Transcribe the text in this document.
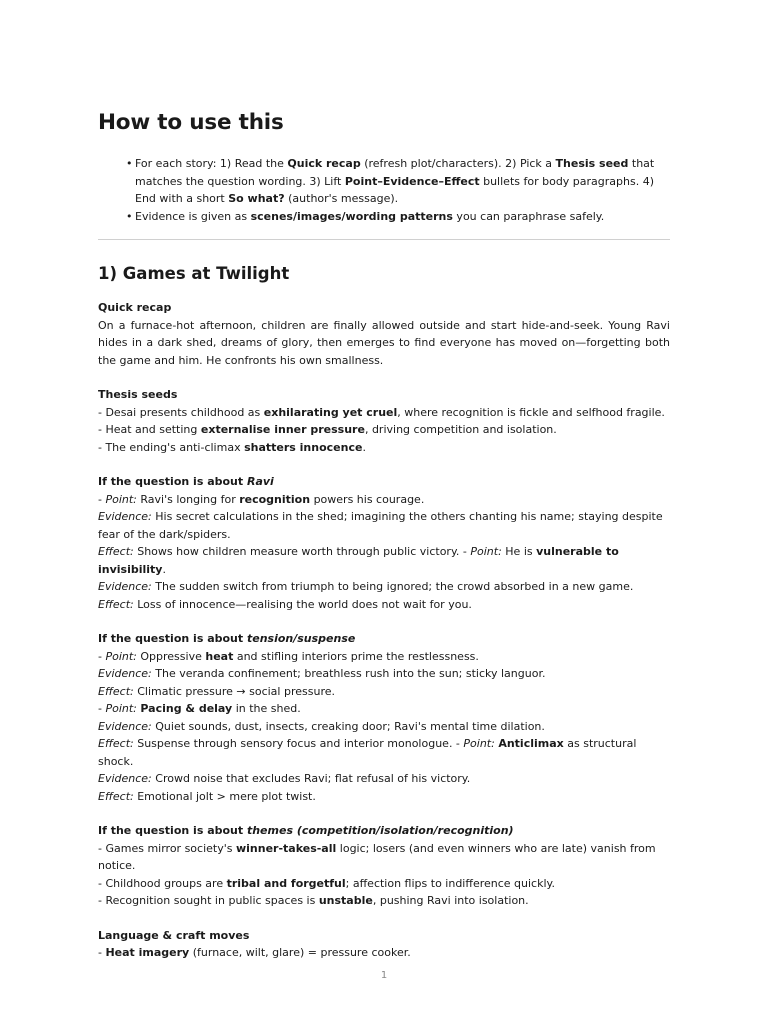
How to use this
• For each story: 1) Read the Quick recap (refresh plot/characters). 2) Pick a Thesis seed that matches the question wording. 3) Lift Point–Evidence–Effect bullets for body paragraphs. 4) End with a short So what? (author's message).
• Evidence is given as scenes/images/wording patterns you can paraphrase safely.
1) Games at Twilight
Quick recap

On a furnace-hot afternoon, children are finally allowed outside and start hide-and-seek. Young Ravi hides in a dark shed, dreams of glory, then emerges to find everyone has moved on—forgetting both the game and him. He confronts his own smallness.

Thesis seeds

- Desai presents childhood as exhilarating yet cruel, where recognition is fickle and selfhood fragile.

- Heat and setting externalise inner pressure, driving competition and isolation.

- The ending's anti-climax shatters innocence.

If the question is about Ravi

- Point: Ravi's longing for recognition powers his courage.

Evidence: His secret calculations in the shed; imagining the others chanting his name; staying despite fear of the dark/spiders.

Effect: Shows how children measure worth through public victory. - Point: He is vulnerable to invisibility.

Evidence: The sudden switch from triumph to being ignored; the crowd absorbed in a new game.

Effect: Loss of innocence—realising the world does not wait for you.

If the question is about tension/suspense

- Point: Oppressive heat and stifling interiors prime the restlessness.

Evidence: The veranda confinement; breathless rush into the sun; sticky languor.

Effect: Climatic pressure → social pressure.

- Point: Pacing & delay in the shed.

Evidence: Quiet sounds, dust, insects, creaking door; Ravi's mental time dilation.

Effect: Suspense through sensory focus and interior monologue. - Point: Anticlimax as structural shock.

Evidence: Crowd noise that excludes Ravi; flat refusal of his victory.

Effect: Emotional jolt > mere plot twist.

If the question is about themes (competition/isolation/recognition)

- Games mirror society's winner-takes-all logic; losers (and even winners who are late) vanish from notice.

- Childhood groups are tribal and forgetful; affection flips to indifference quickly.

- Recognition sought in public spaces is unstable, pushing Ravi into isolation.

Language & craft moves

- Heat imagery (furnace, wilt, glare) = pressure cooker.

1
